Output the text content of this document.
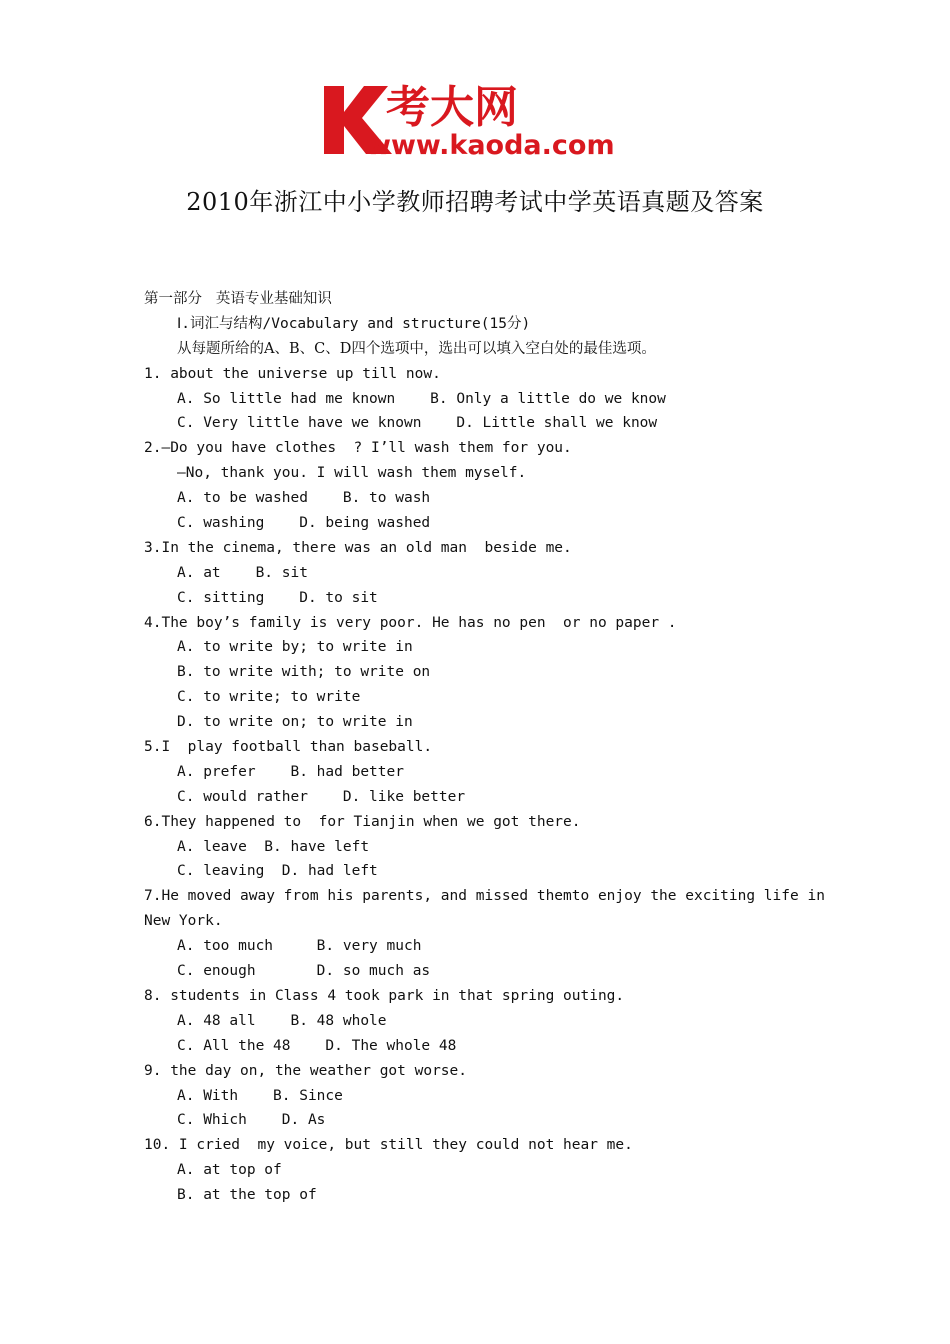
考大网
www.kaoda.com
2010年浙江中小学教师招聘考试中学英语真题及答案
第一部分   英语专业基础知识
Ⅰ.词汇与结构/Vocabulary and structure(15分)
从每题所给的A、B、C、D四个选项中，选出可以填入空白处的最佳选项。
1. about the universe up till now.
A. So little had me known    B. Only a little do we know
C. Very little have we known    D. Little shall we know
2.—Do you have clothes  ? I’ll wash them for you.
—No, thank you. I will wash them myself.
A. to be washed    B. to wash
C. washing    D. being washed
3.In the cinema, there was an old man  beside me.
A. at    B. sit
C. sitting    D. to sit
4.The boy’s family is very poor. He has no pen  or no paper .
A. to write by; to write in
B. to write with; to write on
C. to write; to write
D. to write on; to write in
5.I  play football than baseball.
A. prefer    B. had better
C. would rather    D. like better
6.They happened to  for Tianjin when we got there.
A. leave  B. have left
C. leaving  D. had left
7.He moved away from his parents, and missed themto enjoy the exciting life in
New York.
A. too much     B. very much
C. enough       D. so much as
8. students in Class 4 took park in that spring outing.
A. 48 all    B. 48 whole
C. All the 48    D. The whole 48
9. the day on, the weather got worse.
A. With    B. Since
C. Which    D. As
10. I cried  my voice, but still they could not hear me.
A. at top of
B. at the top of
